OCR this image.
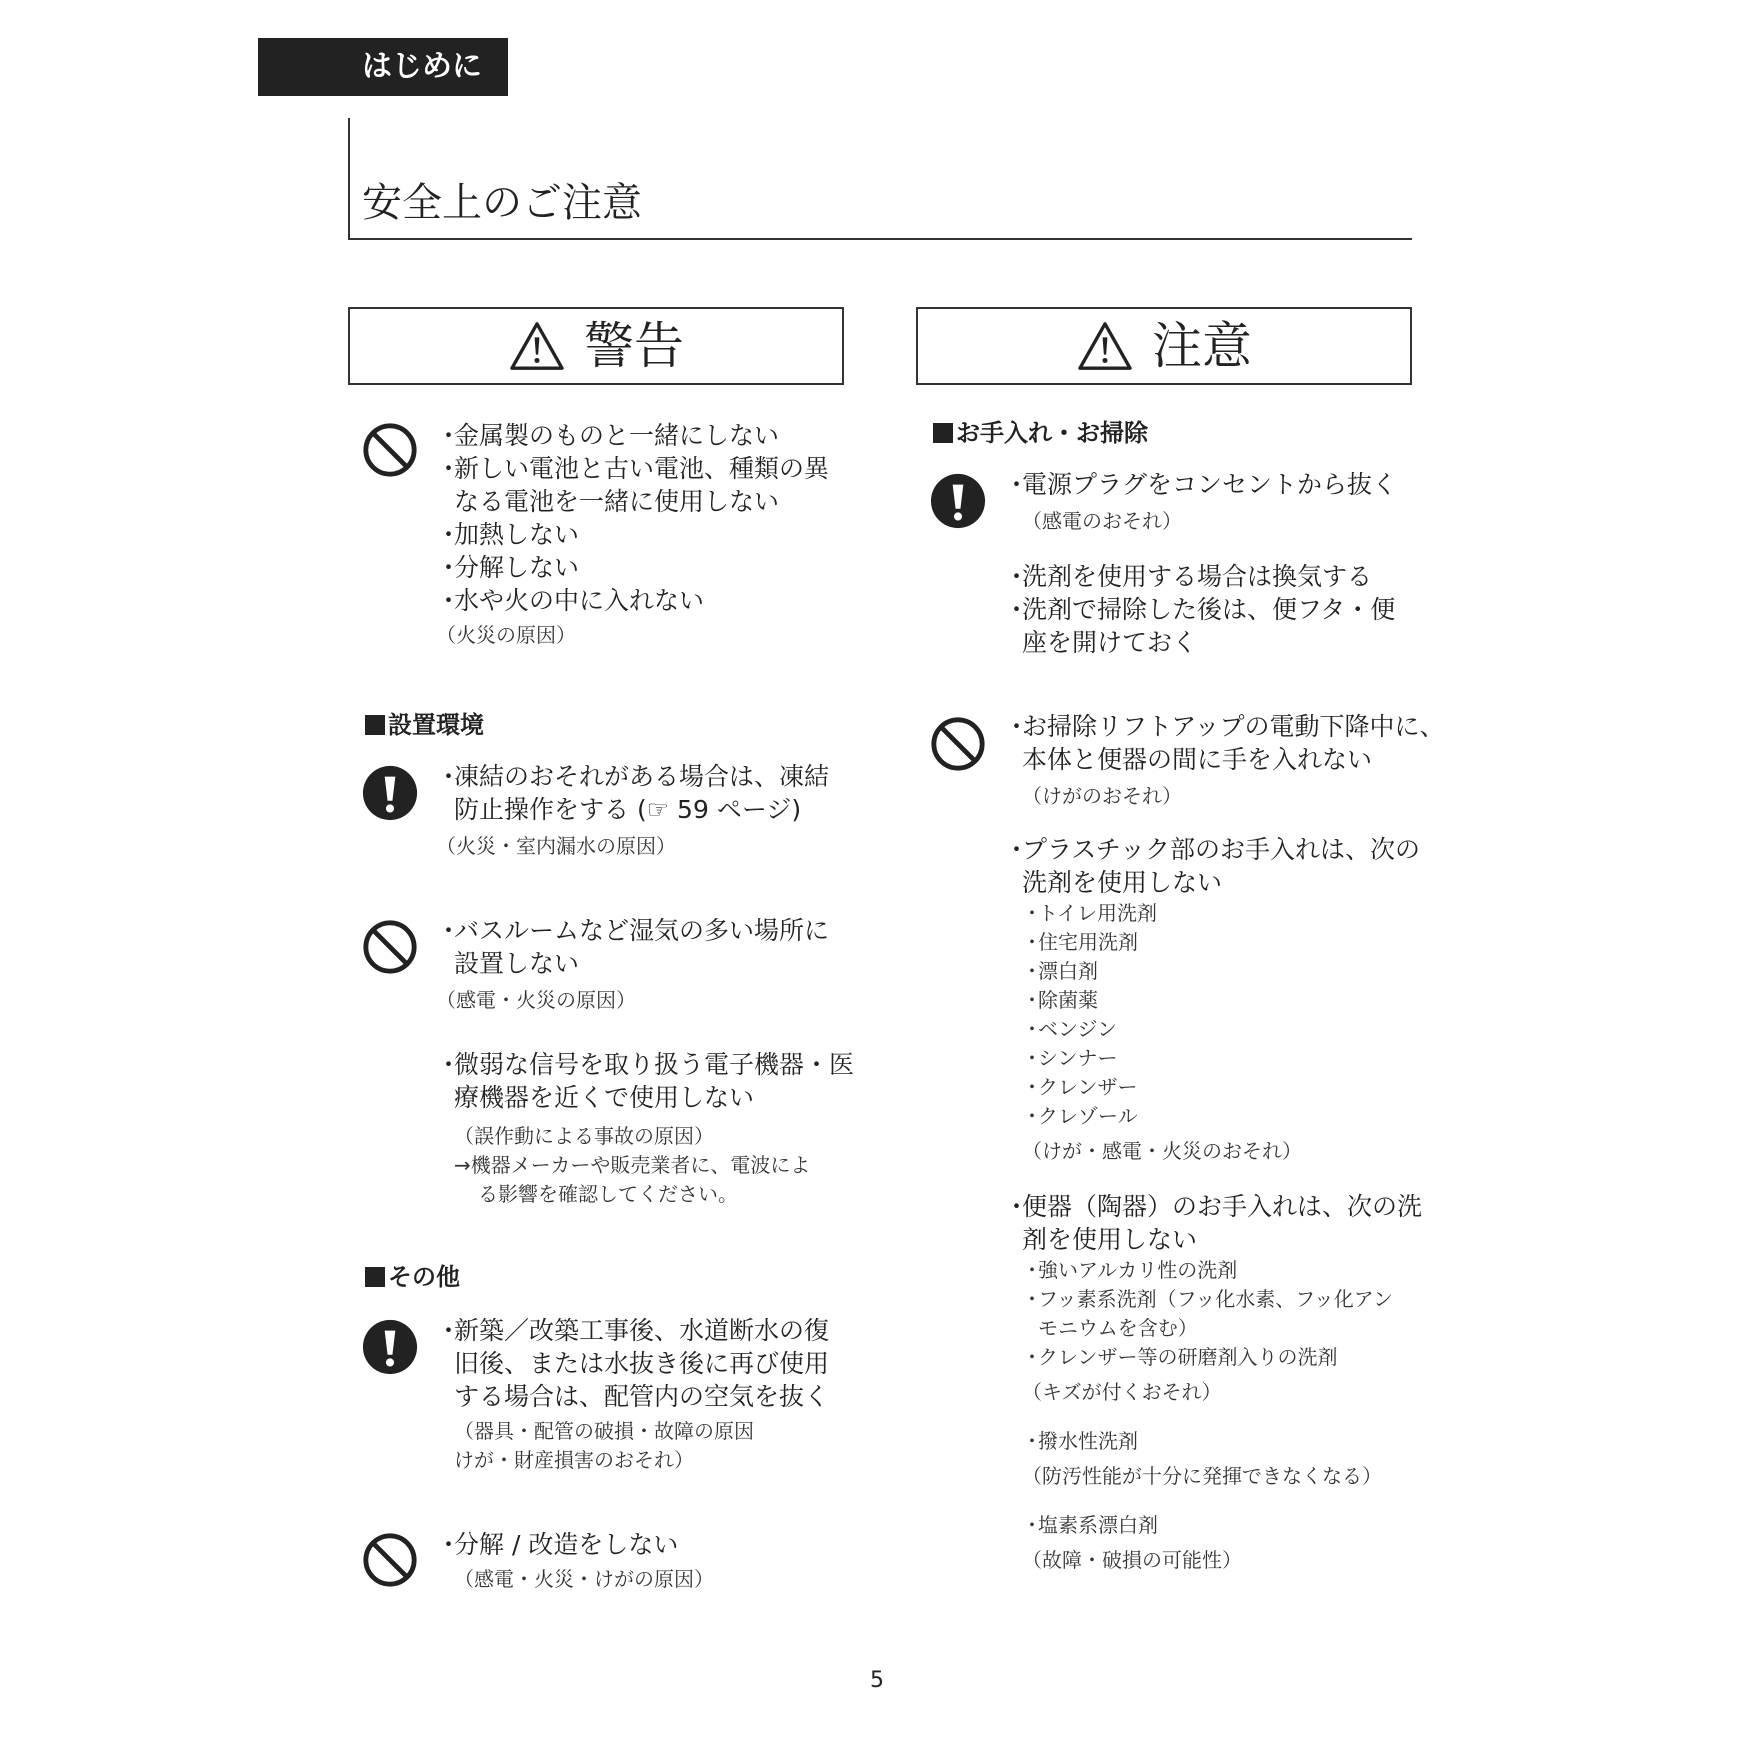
はじめに
安全上のご注意
警告	注意
・金属製のものと一緒にしない
・新しい電池と古い電池、種類の異
なる電池を一緒に使用しない
・加熱しない
・分解しない
・水や火の中に入れない
（火災の原因）
設置環境
・凍結のおそれがある場合は、凍結
防止操作をする (☞ 59 ページ)
（火災・室内漏水の原因）
・バスルームなど湿気の多い場所に
設置しない
（感電・火災の原因）
・微弱な信号を取り扱う電子機器・医
療機器を近くで使用しない
（誤作動による事故の原因）
→機器メーカーや販売業者に、電波によ
る影響を確認してください。
その他
・新築／改築工事後、水道断水の復
旧後、または水抜き後に再び使用
する場合は、配管内の空気を抜く
（器具・配管の破損・故障の原因
けが・財産損害のおそれ）
・分解 / 改造をしない
（感電・火災・けがの原因）
お手入れ・お掃除
・電源プラグをコンセントから抜く
（感電のおそれ）
・洗剤を使用する場合は換気する
・洗剤で掃除した後は、便フタ・便
座を開けておく
・お掃除リフトアップの電動下降中に、
本体と便器の間に手を入れない
（けがのおそれ）
・プラスチック部のお手入れは、次の
洗剤を使用しない
・トイレ用洗剤
・住宅用洗剤
・漂白剤
・除菌薬
・ベンジン
・シンナー
・クレンザー
・クレゾール
（けが・感電・火災のおそれ）
・便器（陶器）のお手入れは、次の洗
剤を使用しない
・強いアルカリ性の洗剤
・フッ素系洗剤（フッ化水素、フッ化アン
モニウムを含む）
・クレンザー等の研磨剤入りの洗剤
（キズが付くおそれ）
・撥水性洗剤
（防汚性能が十分に発揮できなくなる）
・塩素系漂白剤
（故障・破損の可能性）
5
